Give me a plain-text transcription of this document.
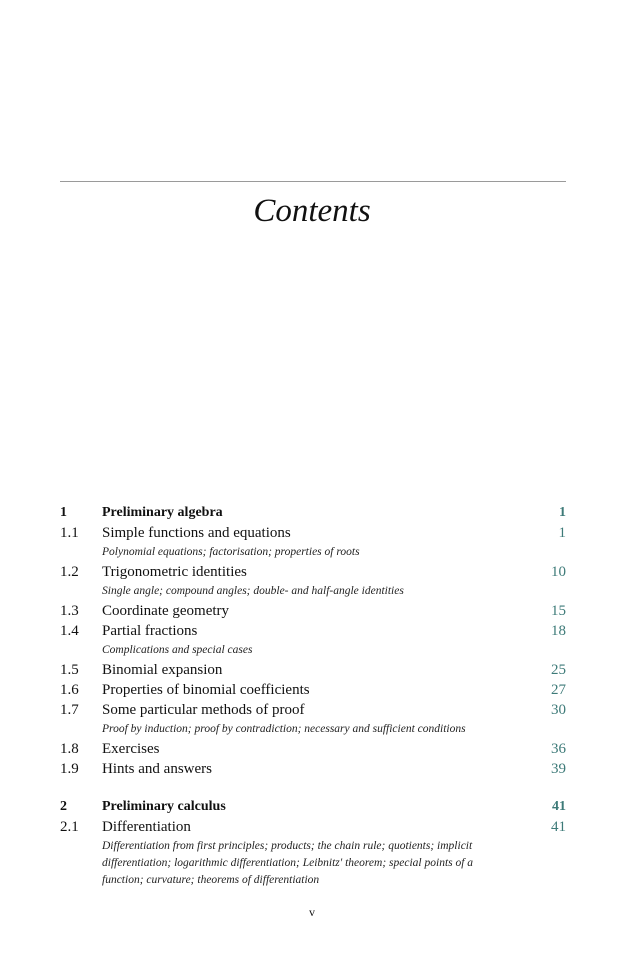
Contents
1	Preliminary algebra	1
1.1 Simple functions and equations	1
Polynomial equations; factorisation; properties of roots
1.2 Trigonometric identities	10
Single angle; compound angles; double- and half-angle identities
1.3 Coordinate geometry	15
1.4 Partial fractions	18
Complications and special cases
1.5 Binomial expansion	25
1.6 Properties of binomial coefficients	27
1.7 Some particular methods of proof	30
Proof by induction; proof by contradiction; necessary and sufficient conditions
1.8 Exercises	36
1.9 Hints and answers	39
2	Preliminary calculus	41
2.1 Differentiation	41
Differentiation from first principles; products; the chain rule; quotients; implicit differentiation; logarithmic differentiation; Leibnitz' theorem; special points of a function; curvature; theorems of differentiation
v
